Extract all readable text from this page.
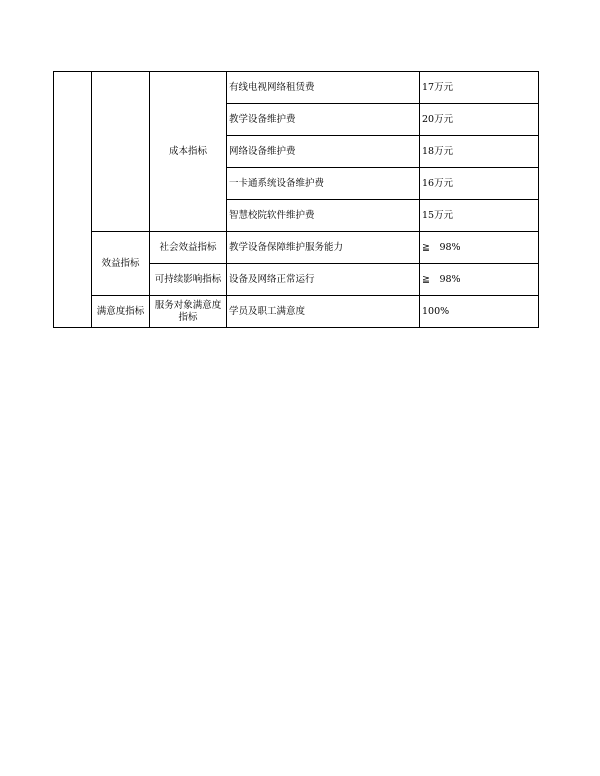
		成本指标	有线电视网络租赁费	17万元
			教学设备维护费	20万元
			网络设备维护费	18万元
			一卡通系统设备维护费	16万元
			智慧校院软件维护费	15万元
	效益指标	社会效益指标	教学设备保障维护服务能力	≧　98%
		可持续影响指标	设备及网络正常运行	≧　98%
	满意度指标	服务对象满意度指标	学员及职工满意度	100%
